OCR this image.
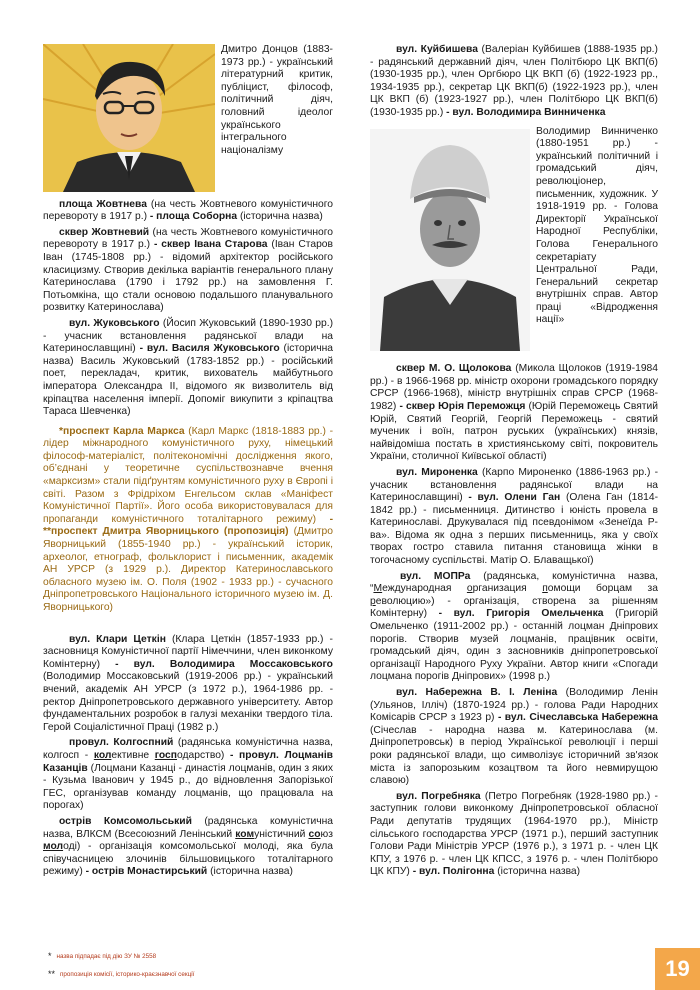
Дмитро Донцов (1883-1973 рр.) - український літературний критик, публіцист, філософ, політичний діяч, головний ідеолог українського інтегрального націоналізму

площа Жовтнева (на честь Жовтневого комуністичного перевороту в 1917 р.) - площа Соборна (історична назва)

сквер Жовтневий (на честь Жовтневого комуністичного перевороту в 1917 р.) - сквер Івана Старова (Іван Старов Іван (1745-1808 рр.) - відомий архітектор російського класицизму. Створив декілька варіантів генерального плану Катеринослава (1790 і 1792 рр.) на замовлення Г. Потьомкіна, що стали основою подальшого планувального розвитку Катеринослава)

вул. Жуковського (Йосип Жуковський (1890-1930 рр.) - учасник встановлення радянської влади на Катеринославщині) - вул. Василя Жуковського (історична назва) Василь Жуковський (1783-1852 рр.) - російський поет, перекладач, критик, вихователь майбутнього імператора Олександра ІІ, відомого як визволитель від кріпацтва населення імперії. Допоміг викупити з кріпацтва Тараса Шевченка)

*проспект Карла Маркса (Карл Маркс (1818-1883 рр.) - лідер міжнародного комуністичного руху, німецький філософ-матеріаліст, політекономічні дослідження якого, об’єднані у теоретичне суспільствознавче вчення «марксизм» стали підґрунтям комуністичного руху в Європі і світі. Разом з Фрідріхом Енгельсом склав «Маніфест Комуністичної Партії». Його особа використовувалася для пропаганди комуністичного тоталітарного режиму) - **проспект Дмитра Яворницького (пропозиція) (Дмитро Яворницький (1855-1940 рр.) - український історик, археолог, етнограф, фольклорист і письменник, академік АН УРСР (з 1929 р.). Директор Катеринославського обласного музею ім. О. Поля (1902 - 1933 рр.) - сучасного Дніпропетровського Національного історичного музею ім. Д. Яворницького)

вул. Клари Цеткін (Клара Цеткін (1857-1933 рр.) - засновниця Комуністичної партії Німеччини, член виконкому Комінтерну) - вул. Володимира Моссаковського (Володимир Моссаковський (1919-2006 рр.) - український вчений, академік АН УРСР (з 1972 р.), 1964-1986 рр. - ректор Дніпропетровського державного університету. Автор фундаментальних розробок в галузі механіки твердого тіла. Герой Соціалістичної Праці (1982 р.)

провул. Колгоспний (радянська комуністична назва, колгосп - колективне господарство) - провул. Лоцманів Казанців (Лоцмани Казанці - династія лоцманів, один з яких - Кузьма Іванович у 1945 р., до відновлення Запорізької ГЕС, організував команду лоцманів, що працювала на порогах)

острів Комсомольський (радянська комуністична назва, ВЛКСМ (Всесоюзний Ленінський комуністичний союз молоді) - організація комсомольської молоді, яка була співучасницею злочинів більшовицького тоталітарного режиму) - острів Монастирський (історична назва)

вул. Куйбишева (Валеріан Куйбишев (1888-1935 рр.) - радянський державний діяч, член Політбюро ЦК ВКП(б) (1930-1935 рр.), член Оргбюро ЦК ВКП (б) (1922-1923 рр., 1934-1935 рр.), секретар ЦК ВКП(б) (1922-1923 рр.), член ЦК ВКП (б) (1923-1927 рр.), член Політбюро ЦК ВКП(б) (1930-1935 рр.) - вул. Володимира Винниченка

Володимир Винниченко (1880-1951 рр.) - український політичний і громадський діяч, революціонер, письменник, художник. У 1918-1919 рр. - Голова Директорії Української Народної Республіки, Голова Генерального секретаріату Центральної Ради, Генеральний секретар внутрішніх справ. Автор праці «Відродження нації»

сквер М. О. Щолокова (Микола Щолоков (1919-1984 рр.) - в 1966-1968 рр. міністр охорони громадського порядку СРСР (1966-1968), міністр внутрішніх справ СРСР (1968-1982) - сквер Юрія Переможця (Юрій Переможець Святий Юрій, Святий Георгій, Георгій Переможець - святий мученик і воїн, патрон руських (українських) князів, найвідоміша постать в християнському світі, покровитель України, столичної Київської області)

вул. Мироненка (Карпо Мироненко (1886-1963 рр.) - учасник встановлення радянської влади на Катеринославщині) - вул. Олени Ган (Олена Ган (1814-1842 рр.) - письменниця. Дитинство і юність провела в Катеринославі. Друкувалася під псевдонімом «Зенеїда Р-ва». Відома як одна з перших письменниць, яка у своїх творах гостро ставила питання становища жінки в тогочасному суспільстві. Матір О. Блаващької)

вул. МОПРа (радянська, комуністична назва, “Международная организация помощи борцам за революцию») - організація, створена за рішенням Комінтерну) - вул. Григорія Омельченка (Григорій Омельченко (1911-2002 рр.) - останній лоцман Дніпрових порогів. Створив музей лоцманів, працівник освіти, громадський діяч, один з засновників дніпропетровської організації Народного Руху України. Автор книги «Спогади лоцмана порогів Дніпрових» (1998 р.)

вул. Набережна В. І. Леніна (Володимир Ленін (Ульянов, Ілліч) (1870-1924 рр.) - голова Ради Народних Комісарів СРСР з 1923 р) - вул. Січеславська Набережна (Січеслав - народна назва м. Катеринослава (м. Дніпропетровськ) в період Української революції і перші роки радянської влади, що символізує історичний зв'язок міста із запорозьким козацтвом та його невмирущою славою)

вул. Погребняка (Петро Погребняк (1928-1980 рр.) - заступник голови виконкому Дніпропетровської обласної Ради депутатів трудящих (1964-1970 рр.), Міністр сільського господарства УРСР (1971 р.), перший заступник Голови Ради Міністрів УРСР (1976 р.), з 1971 р. - член ЦК КПУ, з 1976 р. - член ЦК КПСС, з 1976 р. - член Політбюро ЦК КПУ) - вул. Полігонна (історична назва)

* назва підпадає під дію ЗУ № 2558
** пропозиція комісії, історико-краєзнавчої секції	19
